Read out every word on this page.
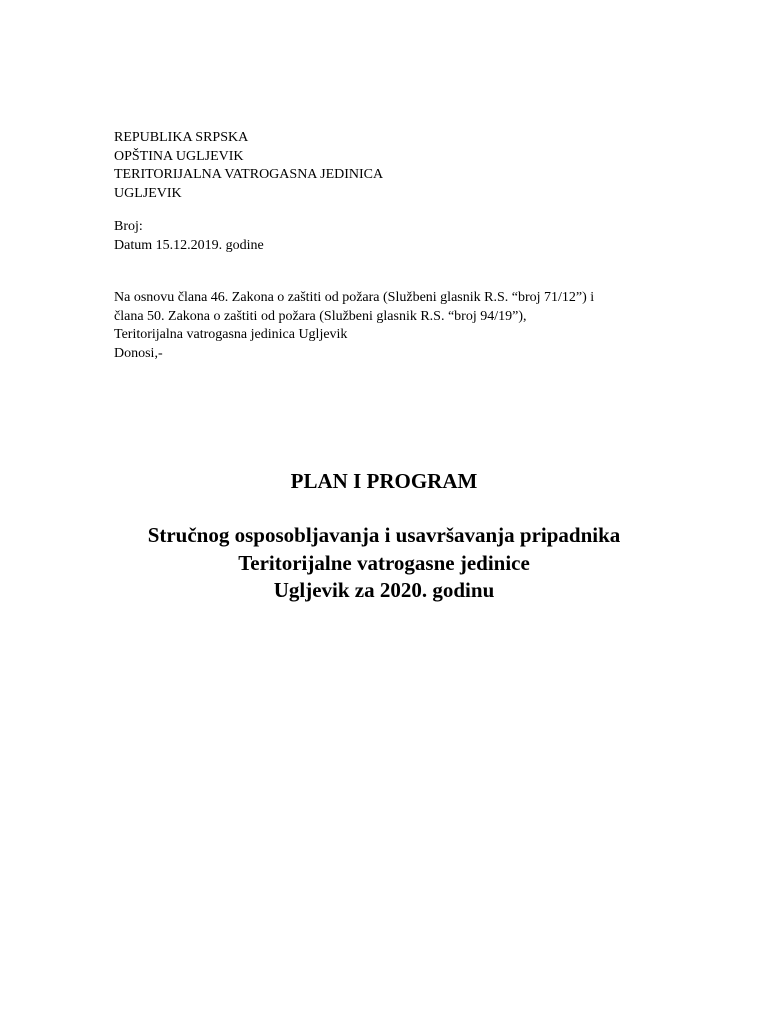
REPUBLIKA SRPSKA
OPŠTINA UGLJEVIK
TERITORIJALNA VATROGASNA JEDINICA
UGLJEVIK
Broj:
Datum 15.12.2019. godine
Na osnovu člana 46. Zakona o zaštiti od požara (Službeni glasnik R.S. “broj 71/12”) i
člana 50. Zakona o zaštiti od požara (Službeni glasnik R.S. “broj 94/19”),
Teritorijalna vatrogasna jedinica Ugljevik
Donosi,-
PLAN I PROGRAM
Stručnog osposobljavanja i usavršavanja pripadnika
Teritorijalne vatrogasne jedinice
Ugljevik za 2020. godinu
